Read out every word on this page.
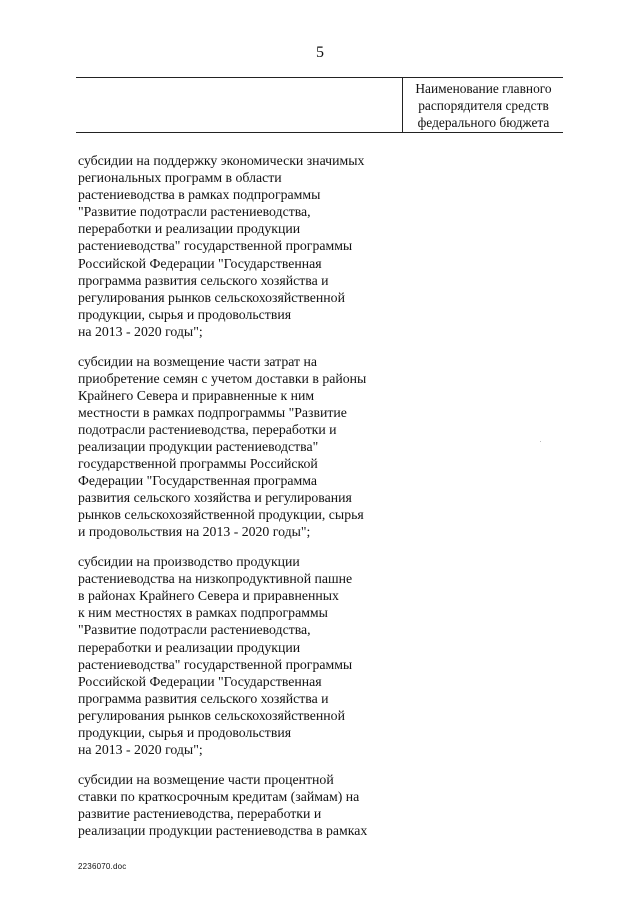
5
Наименование главного
распорядителя средств
федерального бюджета
субсидии на поддержку экономически значимых
региональных программ в области
растениеводства в рамках подпрограммы
"Развитие подотрасли растениеводства,
переработки и реализации продукции
растениеводства" государственной программы
Российской Федерации "Государственная
программа развития сельского хозяйства и
регулирования рынков сельскохозяйственной
продукции, сырья и продовольствия
на 2013 - 2020 годы";
субсидии на возмещение части затрат на
приобретение семян с учетом доставки в районы
Крайнего Севера и приравненные к ним
местности в рамках подпрограммы "Развитие
подотрасли растениеводства, переработки и
реализации продукции растениеводства"
государственной программы Российской
Федерации "Государственная программа
развития сельского хозяйства и регулирования
рынков сельскохозяйственной продукции, сырья
и продовольствия на 2013 - 2020 годы";
субсидии на производство продукции
растениеводства на низкопродуктивной пашне
в районах Крайнего Севера и приравненных
к ним местностях в рамках подпрограммы
"Развитие подотрасли растениеводства,
переработки и реализации продукции
растениеводства" государственной программы
Российской Федерации "Государственная
программа развития сельского хозяйства и
регулирования рынков сельскохозяйственной
продукции, сырья и продовольствия
на 2013 - 2020 годы";
субсидии на возмещение части процентной
ставки по краткосрочным кредитам (займам) на
развитие растениеводства, переработки и
реализации продукции растениеводства в рамках
2236070.doc
